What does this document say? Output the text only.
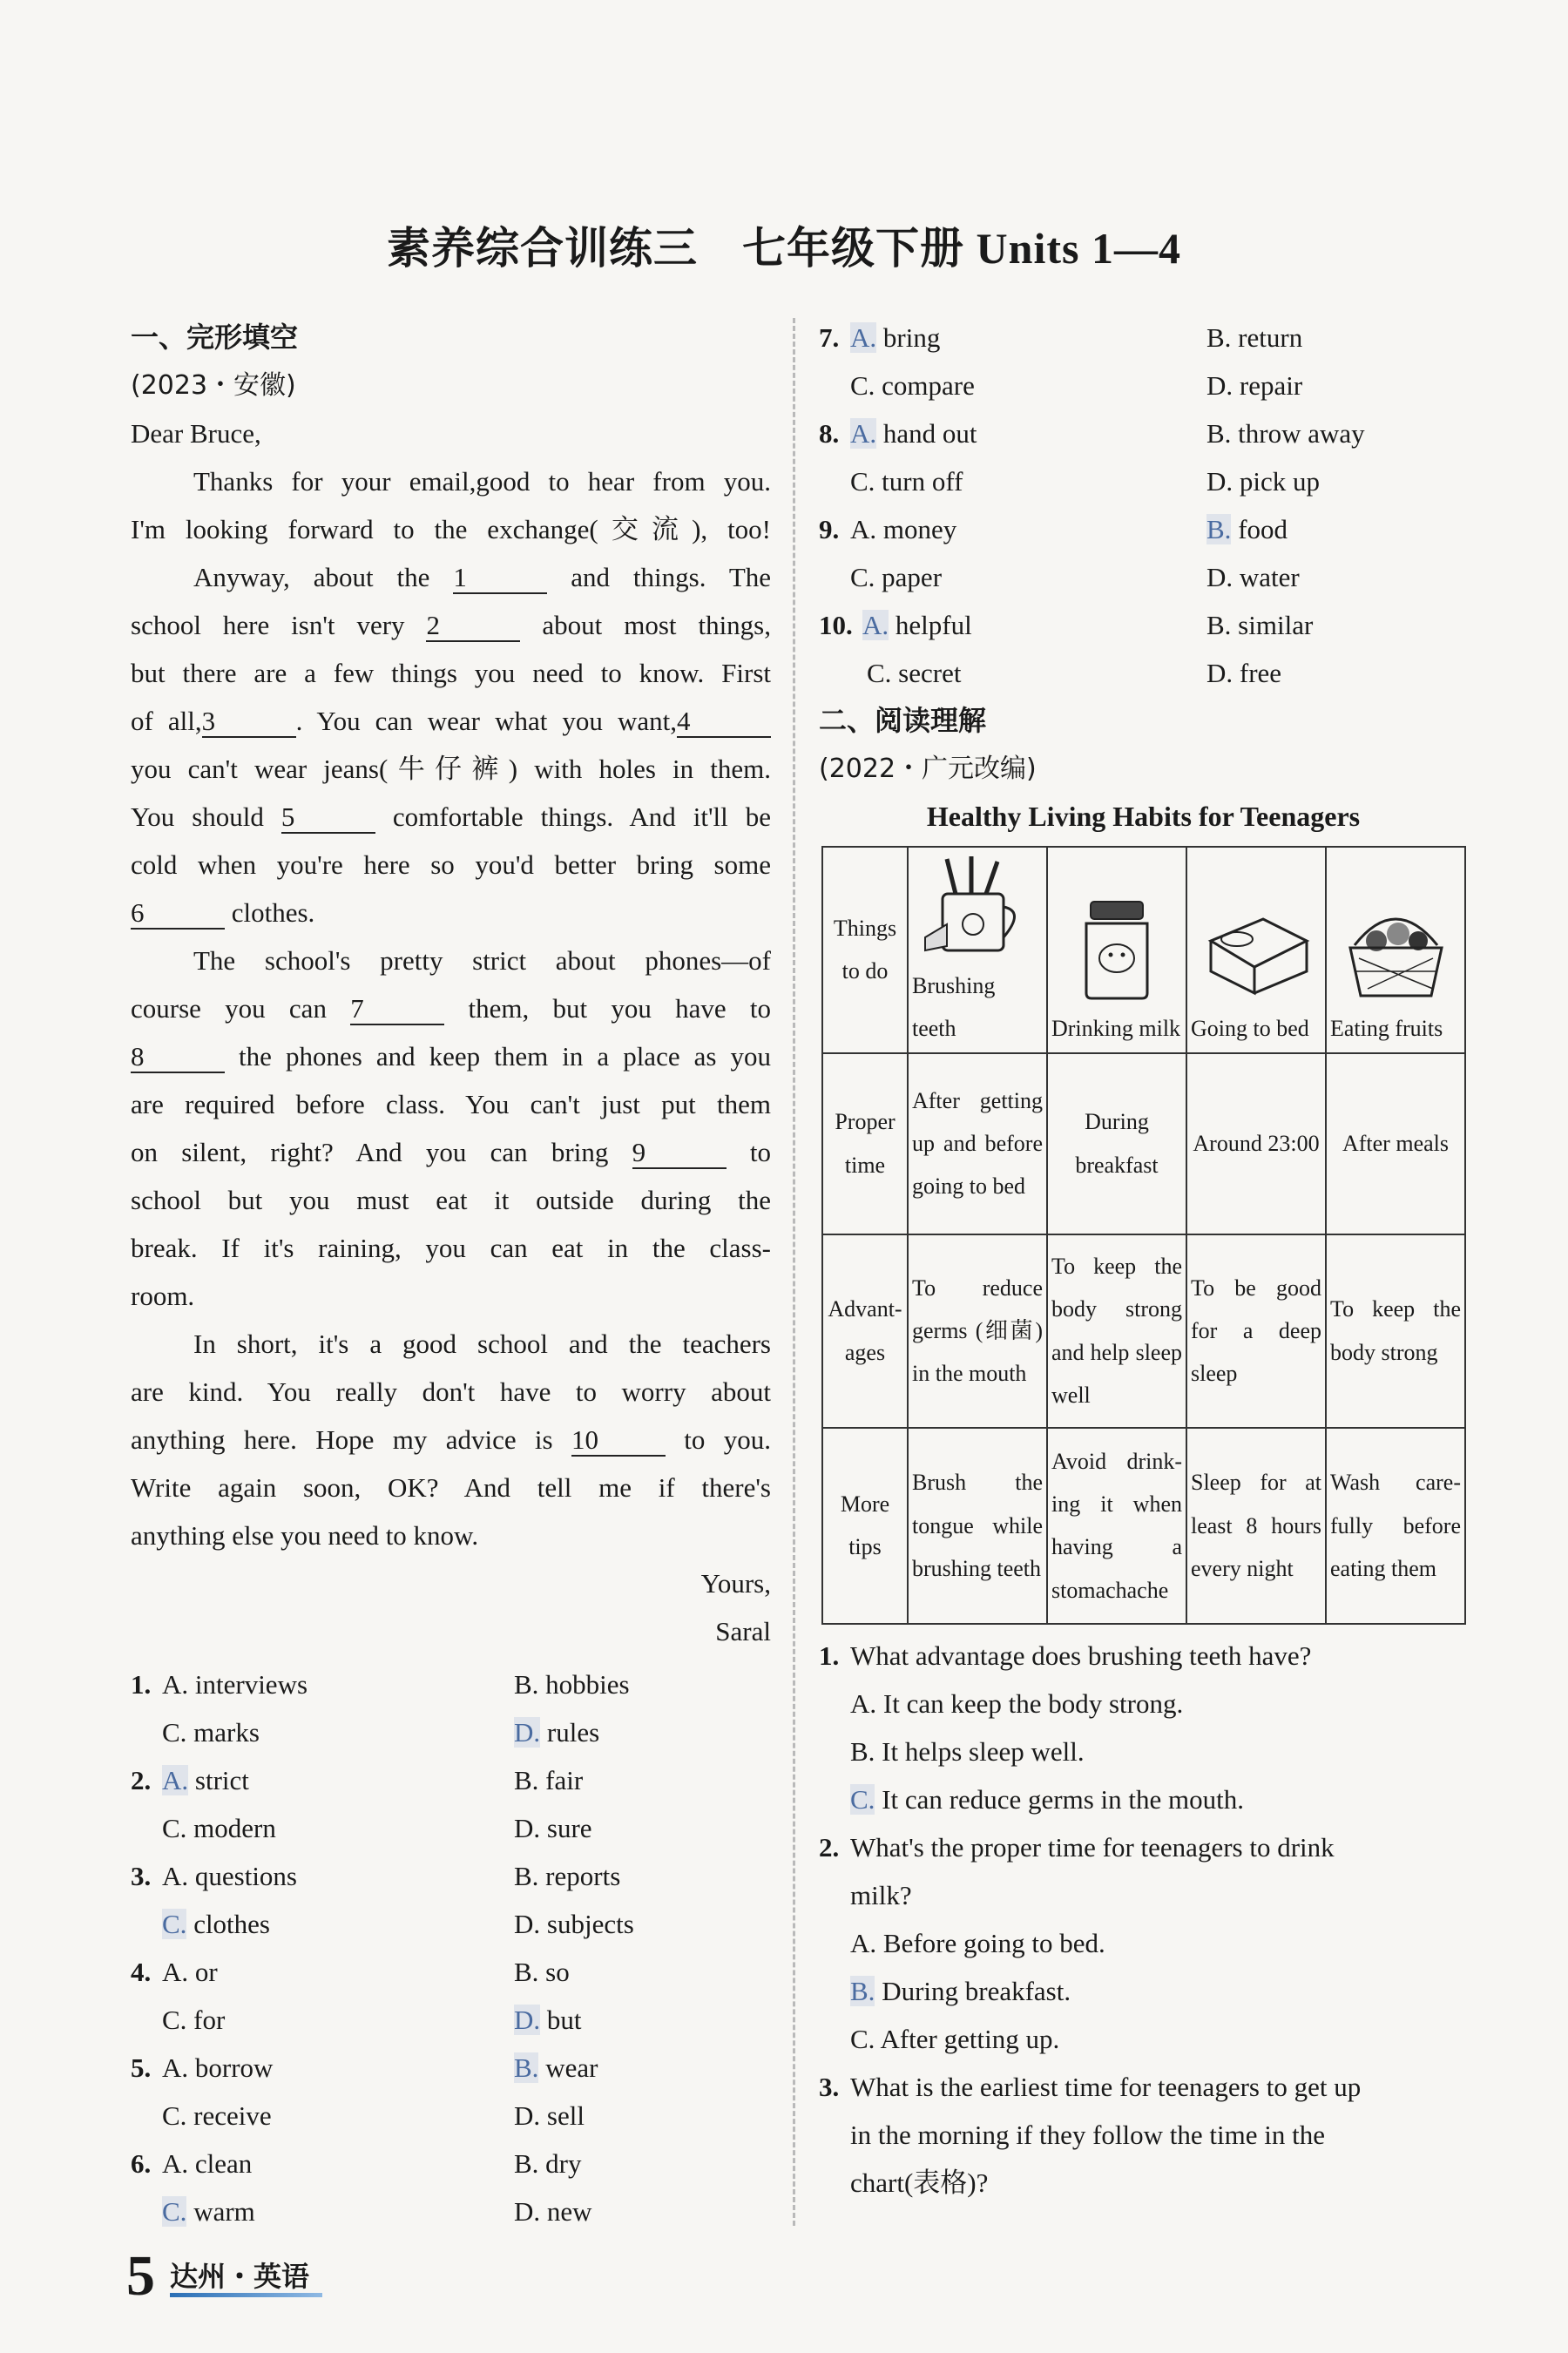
素养综合训练三　七年级下册 Units 1—4
一、完形填空
(2023・安徽)
Dear Bruce,
Thanks for your email,good to hear from you.
I'm looking forward to the exchange(交流), too!
Anyway, about the 1	and things. The
school here isn't very 2	about most things,
but there are a few things you need to know. First
of all,3	. You can wear what you want,4
you can't wear jeans(牛仔裤) with holes in them.
You should 5	comfortable things. And it'll be
cold when you're here so you'd better bring some
6	clothes.
The school's pretty strict about phones—of
course you can 7	them, but you have to
8	the phones and keep them in a place as you
are required before class. You can't just put them
on silent, right? And you can bring 9	to
school but you must eat it outside during the
break. If it's raining, you can eat in the class-
room.
In short, it's a good school and the teachers
are kind. You really don't have to worry about
anything here. Hope my advice is 10	to you.
Write again soon, OK? And tell me if there's
anything else you need to know.
Yours,
Saral
1. A. interviews	B. hobbies
C. marks	D. rules
2. A. strict	B. fair
C. modern	D. sure
3. A. questions	B. reports
C. clothes	D. subjects
4. A. or	B. so
C. for	D. but
5. A. borrow	B. wear
C. receive	D. sell
6. A. clean	B. dry
C. warm	D. new
7. A. bring	B. return
C. compare	D. repair
8. A. hand out	B. throw away
C. turn off	D. pick up
9. A. money	B. food
C. paper	D. water
10. A. helpful	B. similar
C. secret	D. free
二、阅读理解
(2022・广元改编)
Healthy Living Habits for Teenagers
Things to do	Brushing teeth	Drinking milk	Going to bed	Eating fruits

Proper time	After getting up and before going to bed	During breakfast	Around 23:00	After meals
Advant-ages	To reduce germs (细菌) in the mouth	To keep the body strong and help sleep well	To be good for a deep sleep	To keep the body strong
More tips	Brush the tongue while brushing teeth	Avoid drink-ing it when having a stomachache	Sleep for at least 8 hours every night	Wash care-fully before eating them
1. What advantage does brushing teeth have?
A. It can keep the body strong.
B. It helps sleep well.
C. It can reduce germs in the mouth.
2. What's the proper time for teenagers to drink
milk?
A. Before going to bed.
B. During breakfast.
C. After getting up.
3. What is the earliest time for teenagers to get up
in the morning if they follow the time in the
chart(表格)?
5 达州・英语
